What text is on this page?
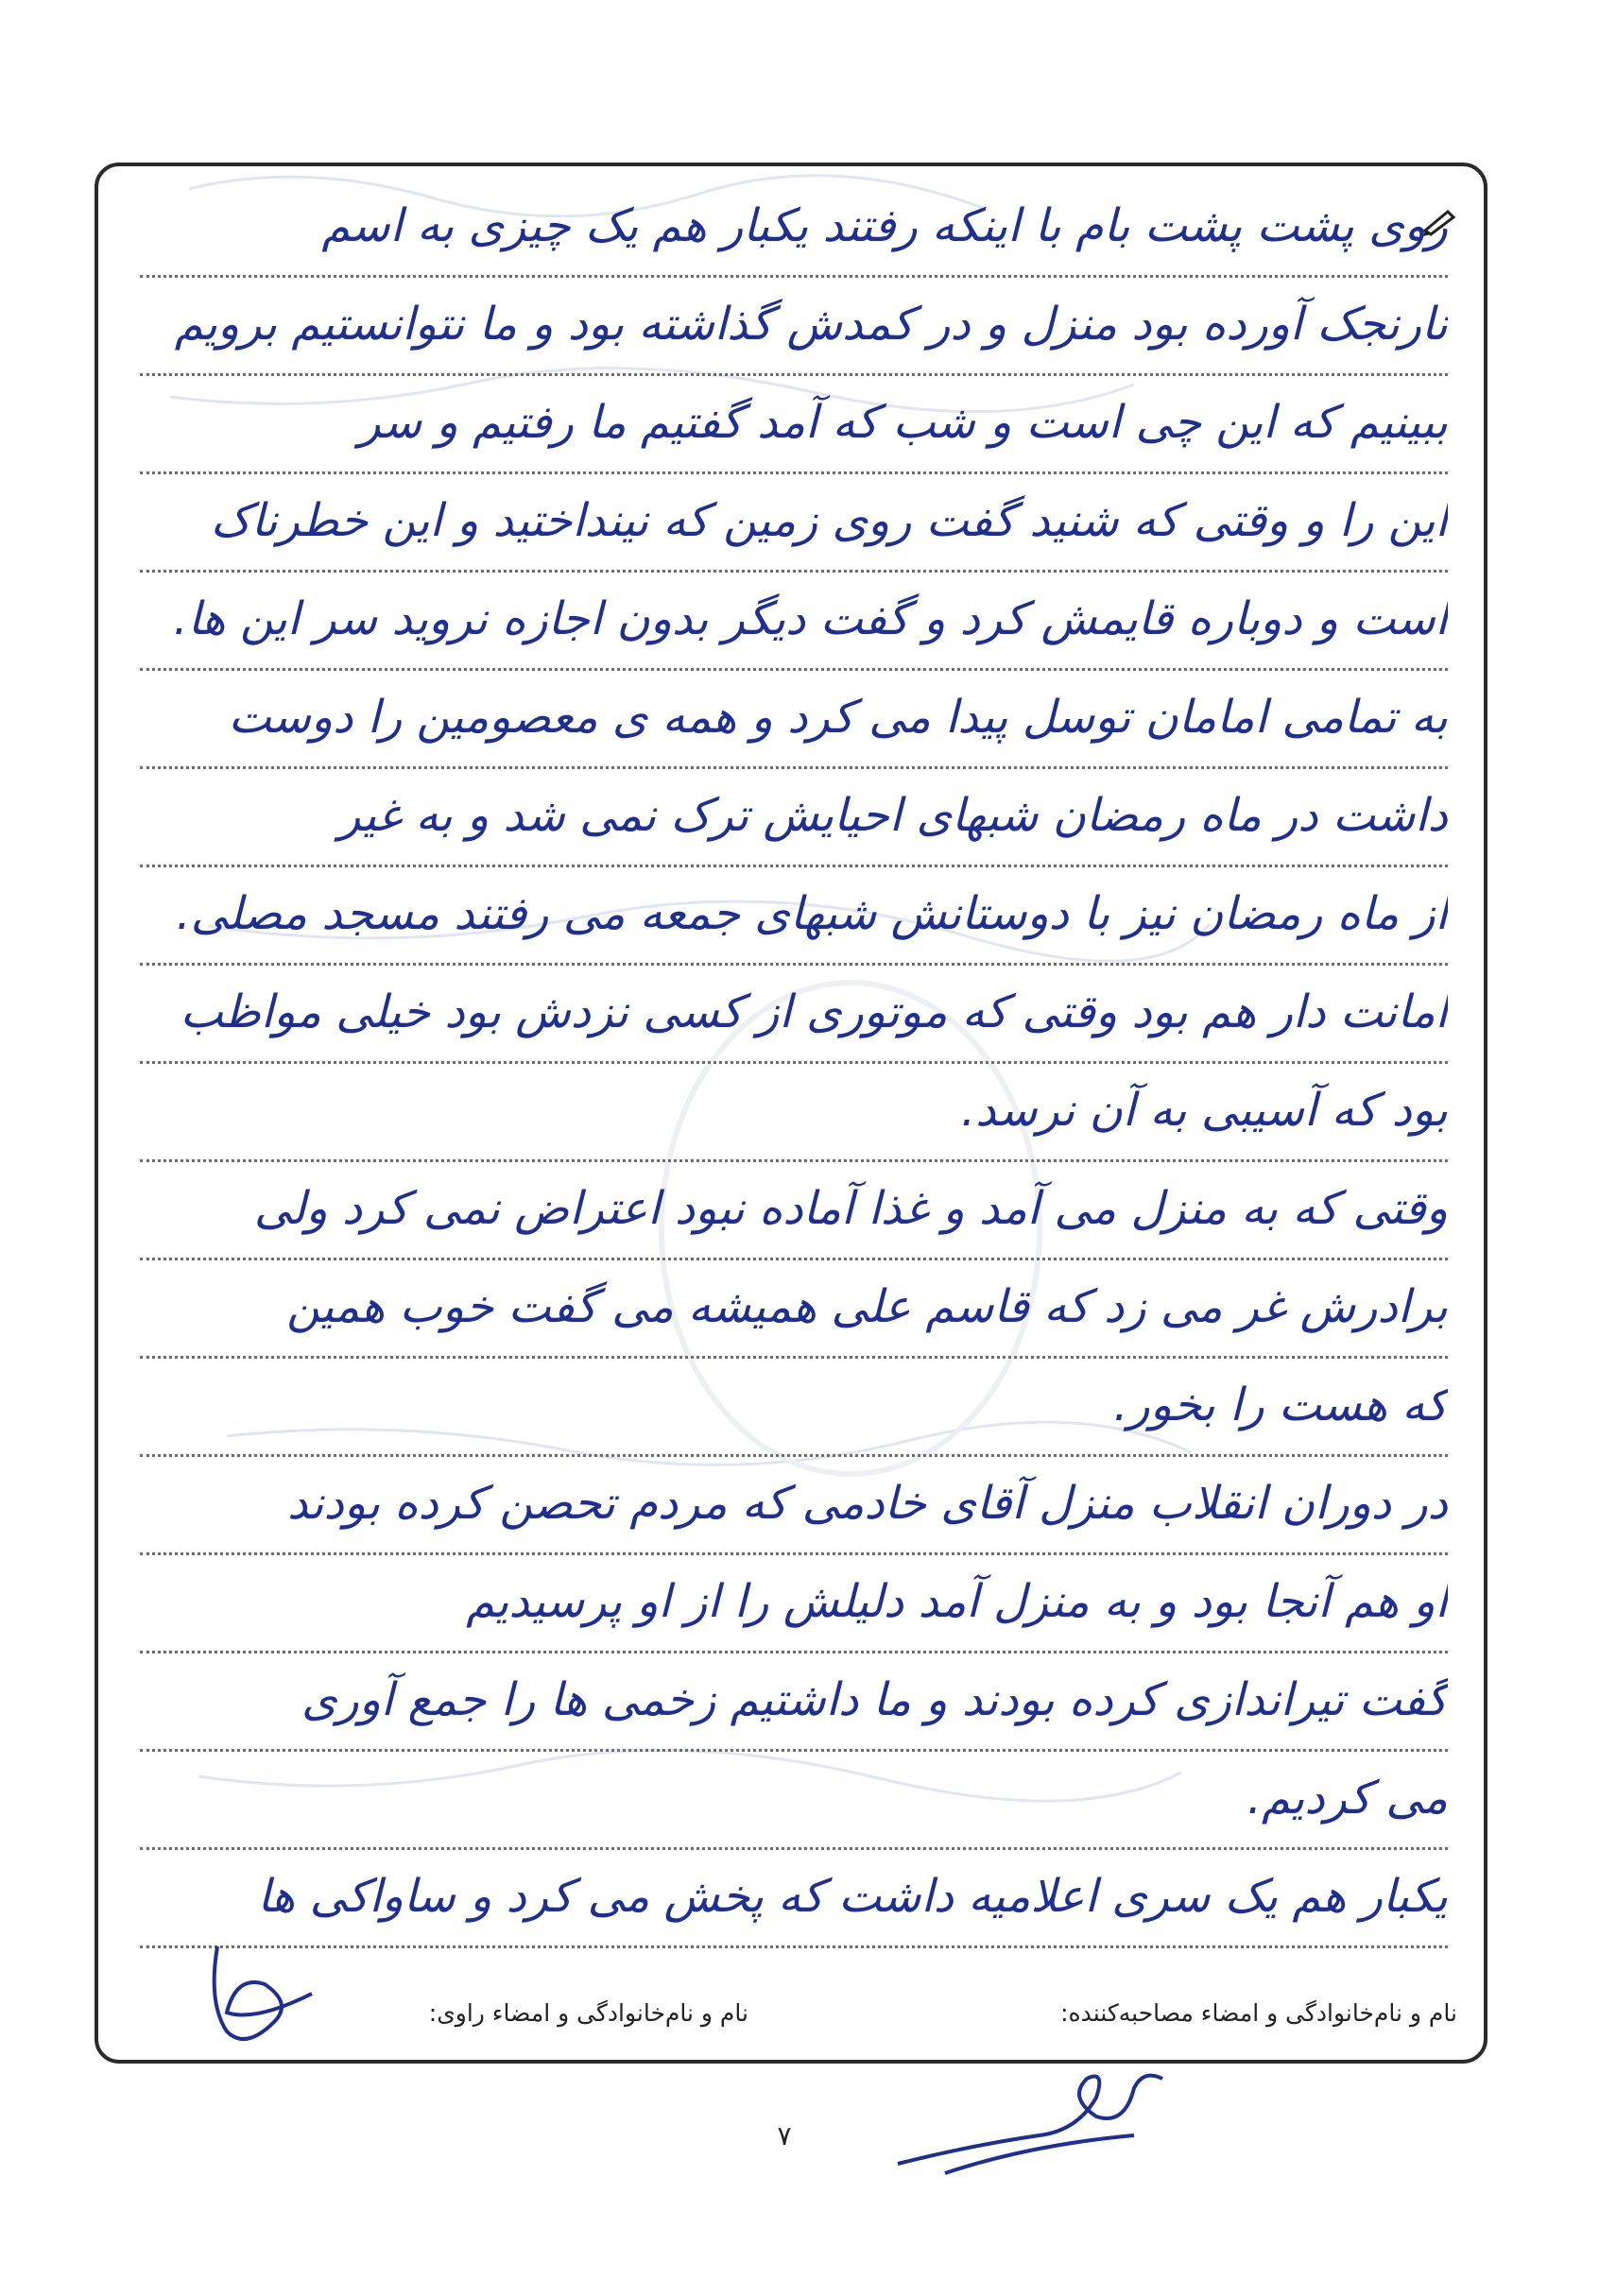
روی پشت پشت بام با اینکه رفتند یکبار هم یک چیزی به اسم
نارنجک آورده بود منزل و در کمدش گذاشته بود و ما نتوانستیم برویم
ببینیم که این چی است و شب که آمد گفتیم ما رفتیم و سر
این را و وقتی که شنید گفت روی زمین که نینداختید و این خطرناک
است و دوباره قایمش کرد و گفت دیگر بدون اجازه نروید سر این ها.
به تمامی امامان توسل پیدا می کرد و همه ی معصومین را دوست
داشت در ماه رمضان شبهای احیایش ترک نمی شد و به غیر
از ماه رمضان نیز با دوستانش شبهای جمعه می رفتند مسجد مصلی.
امانت دار هم بود وقتی که موتوری از کسی نزدش بود خیلی مواظب
بود که آسیبی به آن نرسد.
وقتی که به منزل می آمد و غذا آماده نبود اعتراض نمی کرد ولی
برادرش غر می زد که قاسم علی همیشه می گفت خوب همین
که هست را بخور.
در دوران انقلاب منزل آقای خادمی که مردم تحصن کرده بودند
او هم آنجا بود و به منزل آمد دلیلش را از او پرسیدیم
گفت تیراندازی کرده بودند و ما داشتیم زخمی ها را جمع آوری
می کردیم.
یکبار هم یک سری اعلامیه داشت که پخش می کرد و ساواکی ها
نام و نام‌خانوادگی و امضاء مصاحبه‌کننده:
نام و نام‌خانوادگی و امضاء راوی:
۷
